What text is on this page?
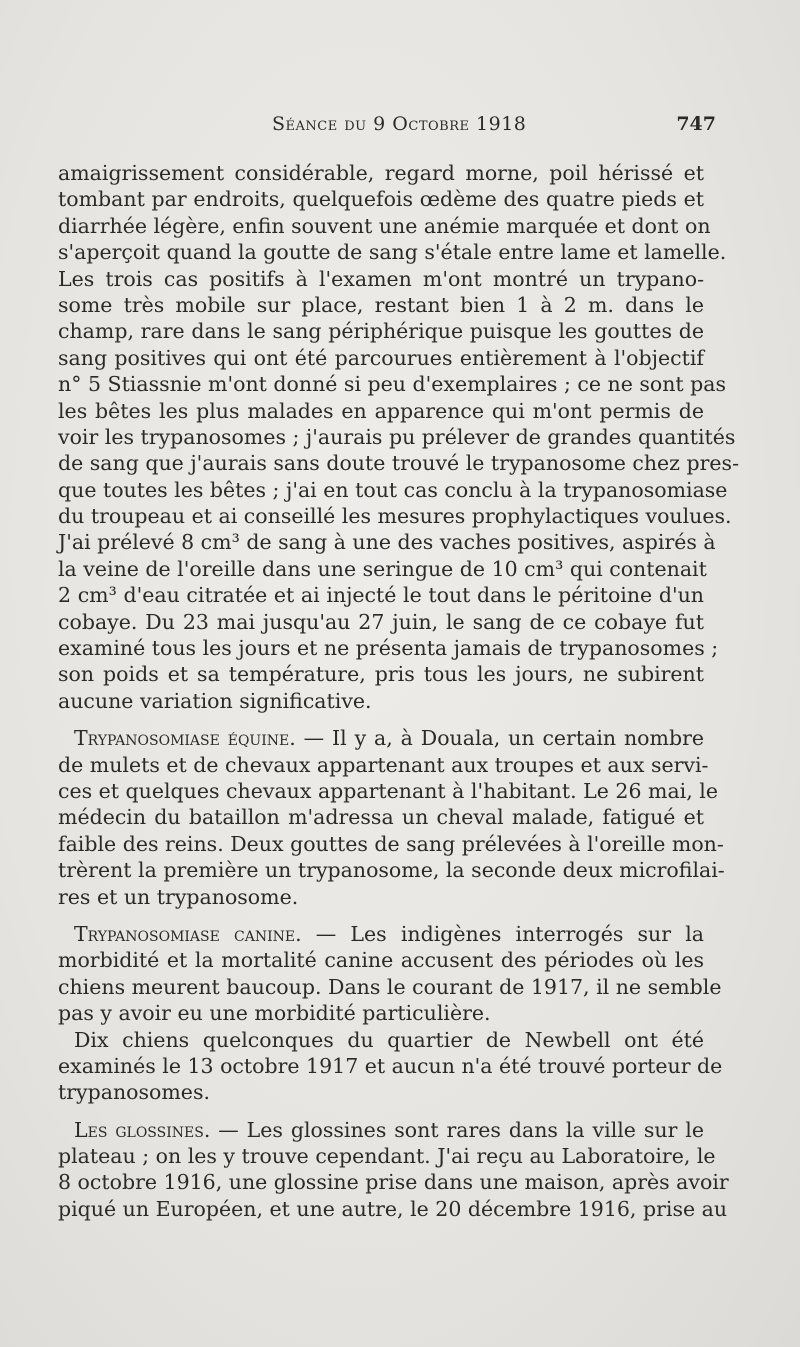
Séance du 9 Octobre 1918	747
amaigrissement considérable, regard morne, poil hérissé et
tombant par endroits, quelquefois œdème des quatre pieds et
diarrhée légère, enfin souvent une anémie marquée et dont on
s'aperçoit quand la goutte de sang s'étale entre lame et lamelle.
Les trois cas positifs à l'examen m'ont montré un trypano-
some très mobile sur place, restant bien 1 à 2 m. dans le
champ, rare dans le sang périphérique puisque les gouttes de
sang positives qui ont été parcourues entièrement à l'objectif
n° 5 Stiassnie m'ont donné si peu d'exemplaires ; ce ne sont pas
les bêtes les plus malades en apparence qui m'ont permis de
voir les trypanosomes ; j'aurais pu prélever de grandes quantités
de sang que j'aurais sans doute trouvé le trypanosome chez pres-
que toutes les bêtes ; j'ai en tout cas conclu à la trypanosomiase
du troupeau et ai conseillé les mesures prophylactiques voulues.
J'ai prélevé 8 cm³ de sang à une des vaches positives, aspirés à
la veine de l'oreille dans une seringue de 10 cm³ qui contenait
2 cm³ d'eau citratée et ai injecté le tout dans le péritoine d'un
cobaye. Du 23 mai jusqu'au 27 juin, le sang de ce cobaye fut
examiné tous les jours et ne présenta jamais de trypanosomes ;
son poids et sa température, pris tous les jours, ne subirent
aucune variation significative.
Trypanosomiase équine. — Il y a, à Douala, un certain nombre
de mulets et de chevaux appartenant aux troupes et aux servi-
ces et quelques chevaux appartenant à l'habitant. Le 26 mai, le
médecin du bataillon m'adressa un cheval malade, fatigué et
faible des reins. Deux gouttes de sang prélevées à l'oreille mon-
trèrent la première un trypanosome, la seconde deux microfilai-
res et un trypanosome.
Trypanosomiase canine. — Les indigènes interrogés sur la
morbidité et la mortalité canine accusent des périodes où les
chiens meurent baucoup. Dans le courant de 1917, il ne semble
pas y avoir eu une morbidité particulière.
Dix chiens quelconques du quartier de Newbell ont été
examinés le 13 octobre 1917 et aucun n'a été trouvé porteur de
trypanosomes.
Les glossines. — Les glossines sont rares dans la ville sur le
plateau ; on les y trouve cependant. J'ai reçu au Laboratoire, le
8 octobre 1916, une glossine prise dans une maison, après avoir
piqué un Européen, et une autre, le 20 décembre 1916, prise au
